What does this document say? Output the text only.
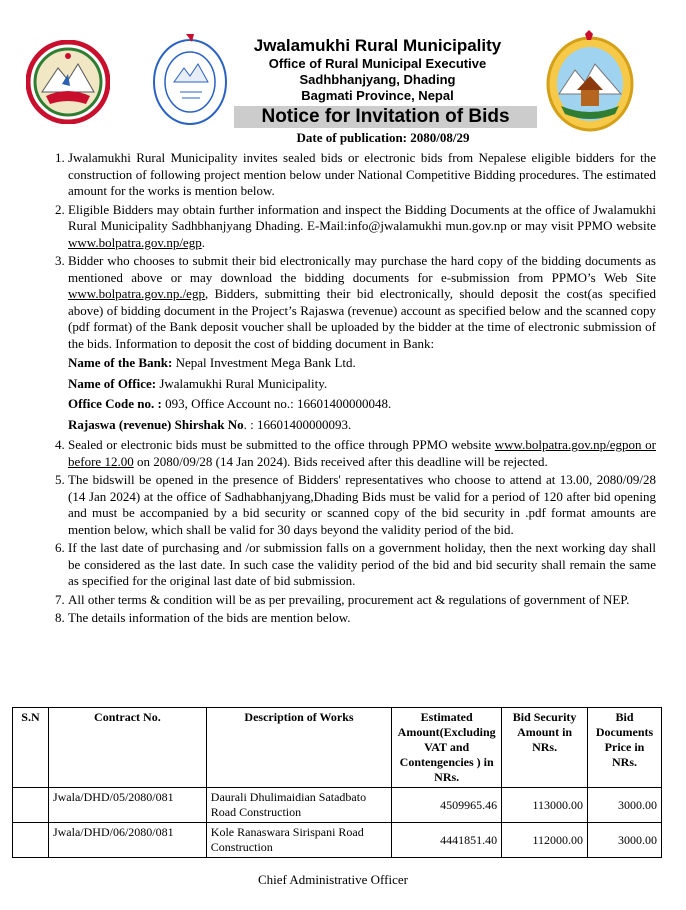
Jwalamukhi Rural Municipality
Office of Rural Municipal Executive
Sadhbhanjyang, Dhading
Bagmati Province, Nepal
Notice for Invitation of Bids
Date of publication: 2080/08/29
1. Jwalamukhi Rural Municipality invites sealed bids or electronic bids from Nepalese eligible bidders for the construction of following project mention below under National Competitive Bidding procedures. The estimated amount for the works is mention below.
2. Eligible Bidders may obtain further information and inspect the Bidding Documents at the office of Jwalamukhi Rural Municipality Sadhbhanjyang Dhading. E-Mail:info@jwalamukhi mun.gov.np or may visit PPMO website www.bolpatra.gov.np/egp.
3. Bidder who chooses to submit their bid electronically may purchase the hard copy of the bidding documents as mentioned above or may download the bidding documents for e-submission from PPMO’s Web Site www.bolpatra.gov.np./egp, Bidders, submitting their bid electronically, should deposit the cost(as specified above) of bidding document in the Project’s Rajaswa (revenue) account as specified below and the scanned copy (pdf format) of the Bank deposit voucher shall be uploaded by the bidder at the time of electronic submission of the bids. Information to deposit the cost of bidding document in Bank:

Name of the Bank: Nepal Investment Mega Bank Ltd.

Name of Office: Jwalamukhi Rural Municipality.

Office Code no. : 093, Office Account no.: 16601400000048.

Rajaswa (revenue) Shirshak No. : 16601400000093.

4. Sealed or electronic bids must be submitted to the office through PPMO website www.bolpatra.gov.np/egpon or before 12.00 on 2080/09/28 (14 Jan 2024). Bids received after this deadline will be rejected.
5. The bidswill be opened in the presence of Bidders' representatives who choose to attend at 13.00, 2080/09/28 (14 Jan 2024) at the office of Sadhabhanjyang,Dhading Bids must be valid for a period of 120 after bid opening and must be accompanied by a bid security or scanned copy of the bid security in .pdf format amounts are mention below, which shall be valid for 30 days beyond the validity period of the bid.
6. If the last date of purchasing and /or submission falls on a government holiday, then the next working day shall be considered as the last date. In such case the validity period of the bid and bid security shall remain the same as specified for the original last date of bid submission.
7. All other terms & condition will be as per prevailing, procurement act & regulations of government of NEP.
8. The details information of the bids are mention below.
S.N	Contract No.	Description of Works	Estimated Amount(Excluding VAT and Contengencies ) in NRs.	Bid Security Amount in NRs.	Bid Documents Price in NRs.
	Jwala/DHD/05/2080/081	Daurali Dhulimaidian Satadbato Road Construction	4509965.46	113000.00	3000.00
	Jwala/DHD/06/2080/081	Kole Ranaswara Sirispani Road Construction	4441851.40	112000.00	3000.00
Chief Administrative Officer
